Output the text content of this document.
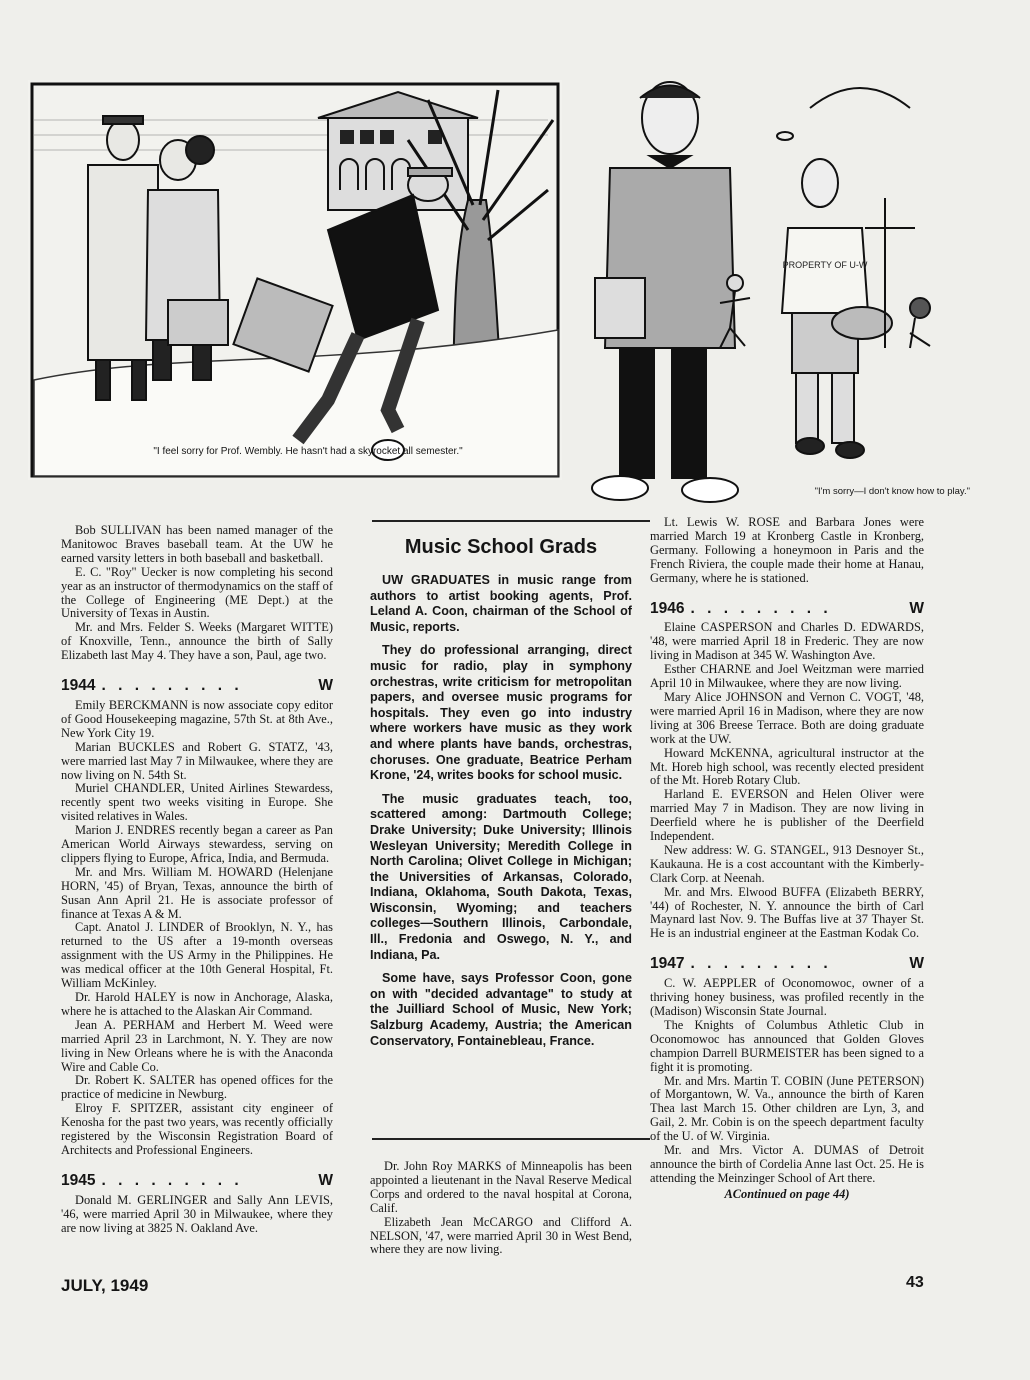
"I feel sorry for Prof. Wembly. He hasn't had a skyrocket all semester."
PROPERTY OF U-W
"I'm sorry—I don't know how to play."

Bob SULLIVAN has been named manager of the Manitowoc Braves baseball team. At the UW he earned varsity letters in both baseball and basketball.

E. C. "Roy" Uecker is now completing his second year as an instructor of thermodynamics on the staff of the College of Engineering (ME Dept.) at the University of Texas in Austin.

Mr. and Mrs. Felder S. Weeks (Margaret WITTE) of Knoxville, Tenn., announce the birth of Sally Elizabeth last May 4. They have a son, Paul, age two.

1944 . . . . . . . . .	W

Emily BERCKMANN is now associate copy editor of Good Housekeeping magazine, 57th St. at 8th Ave., New York City 19.

Marian BUCKLES and Robert G. STATZ, '43, were married last May 7 in Milwaukee, where they are now living on N. 54th St.

Muriel CHANDLER, United Airlines Stewardess, recently spent two weeks visiting in Europe. She visited relatives in Wales.

Marion J. ENDRES recently began a career as Pan American World Airways stewardess, serving on clippers flying to Europe, Africa, India, and Bermuda.

Mr. and Mrs. William M. HOWARD (Helenjane HORN, '45) of Bryan, Texas, announce the birth of Susan Ann April 21. He is associate professor of finance at Texas A & M.

Capt. Anatol J. LINDER of Brooklyn, N. Y., has returned to the US after a 19-month overseas assignment with the US Army in the Philippines. He was medical officer at the 10th General Hospital, Ft. William McKinley.

Dr. Harold HALEY is now in Anchorage, Alaska, where he is attached to the Alaskan Air Command.

Jean A. PERHAM and Herbert M. Weed were married April 23 in Larchmont, N. Y. They are now living in New Orleans where he is with the Anaconda Wire and Cable Co.

Dr. Robert K. SALTER has opened offices for the practice of medicine in Newburg.

Elroy F. SPITZER, assistant city engineer of Kenosha for the past two years, was recently officially registered by the Wisconsin Registration Board of Architects and Professional Engineers.

1945 . . . . . . . . .	W

Donald M. GERLINGER and Sally Ann LEVIS, '46, were married April 30 in Milwaukee, where they are now living at 3825 N. Oakland Ave.

Music School Grads

UW GRADUATES in music range from authors to artist booking agents, Prof. Leland A. Coon, chairman of the School of Music, reports.

They do professional arranging, direct music for radio, play in symphony orchestras, write criticism for metropolitan papers, and oversee music programs for hospitals. They even go into industry where workers have music as they work and where plants have bands, orchestras, choruses. One graduate, Beatrice Perham Krone, '24, writes books for school music.

The music graduates teach, too, scattered among: Dartmouth College; Drake University; Duke University; Illinois Wesleyan University; Meredith College in North Carolina; Olivet College in Michigan; the Universities of Arkansas, Colorado, Indiana, Oklahoma, South Dakota, Texas, Wisconsin, Wyoming; and teachers colleges—Southern Illinois, Carbondale, Ill., Fredonia and Oswego, N. Y., and Indiana, Pa.

Some have, says Professor Coon, gone on with "decided advantage" to study at the Juilliard School of Music, New York; Salzburg Academy, Austria; the American Conservatory, Fontainebleau, France.

Dr. John Roy MARKS of Minneapolis has been appointed a lieutenant in the Naval Reserve Medical Corps and ordered to the naval hospital at Corona, Calif.

Elizabeth Jean McCARGO and Clifford A. NELSON, '47, were married April 30 in West Bend, where they are now living.

Lt. Lewis W. ROSE and Barbara Jones were married March 19 at Kronberg Castle in Kronberg, Germany. Following a honeymoon in Paris and the French Riviera, the couple made their home at Hanau, Germany, where he is stationed.

1946 . . . . . . . . .	W

Elaine CASPERSON and Charles D. EDWARDS, '48, were married April 18 in Frederic. They are now living in Madison at 345 W. Washington Ave.

Esther CHARNE and Joel Weitzman were married April 10 in Milwaukee, where they are now living.

Mary Alice JOHNSON and Vernon C. VOGT, '48, were married April 16 in Madison, where they are now living at 306 Breese Terrace. Both are doing graduate work at the UW.

Howard McKENNA, agricultural instructor at the Mt. Horeb high school, was recently elected president of the Mt. Horeb Rotary Club.

Harland E. EVERSON and Helen Oliver were married May 7 in Madison. They are now living in Deerfield where he is publisher of the Deerfield Independent.

New address: W. G. STANGEL, 913 Desnoyer St., Kaukauna. He is a cost accountant with the Kimberly-Clark Corp. at Neenah.

Mr. and Mrs. Elwood BUFFA (Elizabeth BERRY, '44) of Rochester, N. Y. announce the birth of Carl Maynard last Nov. 9. The Buffas live at 37 Thayer St. He is an industrial engineer at the Eastman Kodak Co.

1947 . . . . . . . . .	W

C. W. AEPPLER of Oconomowoc, owner of a thriving honey business, was profiled recently in the (Madison) Wisconsin State Journal.

The Knights of Columbus Athletic Club in Oconomowoc has announced that Golden Gloves champion Darrell BURMEISTER has been signed to a fight it is promoting.

Mr. and Mrs. Martin T. COBIN (June PETERSON) of Morgantown, W. Va., announce the birth of Karen Thea last March 15. Other children are Lyn, 3, and Gail, 2. Mr. Cobin is on the speech department faculty of the U. of W. Virginia.

Mr. and Mrs. Victor A. DUMAS of Detroit announce the birth of Cordelia Anne last Oct. 25. He is attending the Meinzinger School of Art there.

AContinued on page 44)
JULY, 1949	43
